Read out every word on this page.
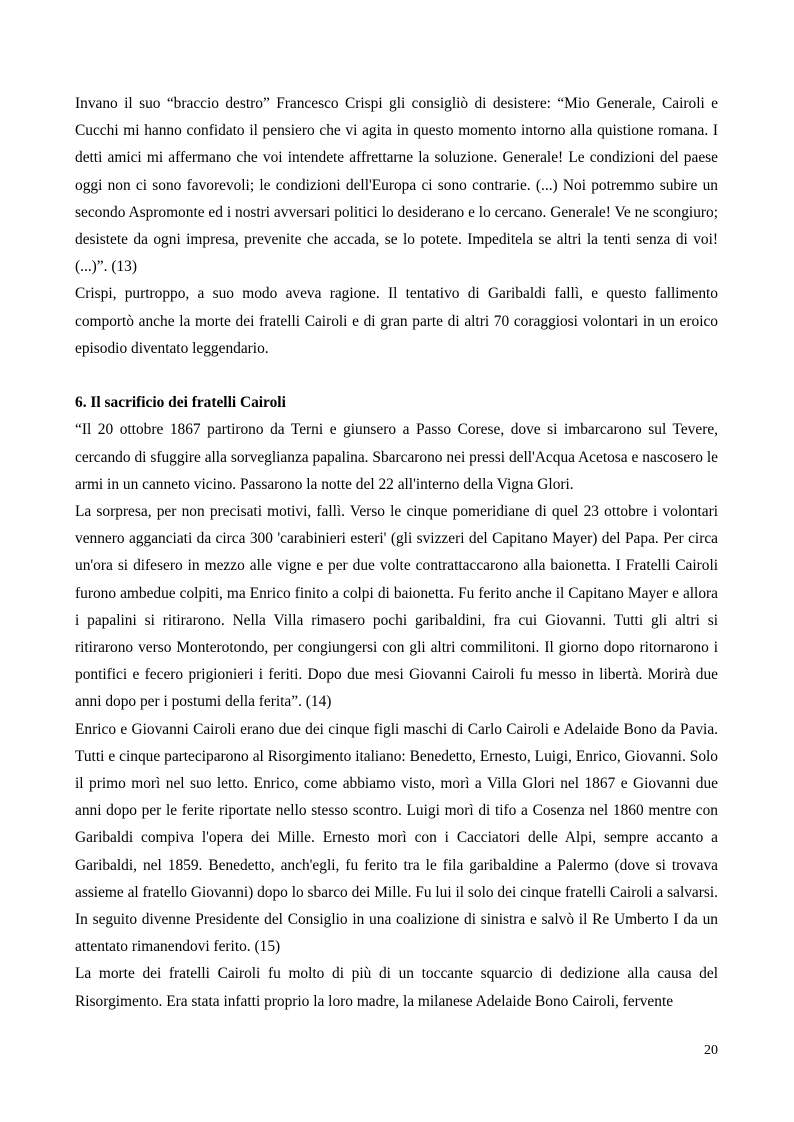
Invano il suo “braccio destro” Francesco Crispi gli consigliò di desistere: “Mio Generale, Cairoli e Cucchi mi hanno confidato il pensiero che vi agita in questo momento intorno alla quistione romana. I detti amici mi affermano che voi intendete affrettarne la soluzione. Generale! Le condizioni del paese oggi non ci sono favorevoli; le condizioni dell'Europa ci sono contrarie. (...) Noi potremmo subire un secondo Aspromonte ed i nostri avversari politici lo desiderano e lo cercano. Generale! Ve ne scongiuro; desistete da ogni impresa, prevenite che accada, se lo potete. Impeditela se altri la tenti senza di voi! (...)”. (13)

Crispi, purtroppo, a suo modo aveva ragione. Il tentativo di Garibaldi fallì, e questo fallimento comportò anche la morte dei fratelli Cairoli e di gran parte di altri 70 coraggiosi volontari in un eroico episodio diventato leggendario.

6. Il sacrificio dei fratelli Cairoli

“Il 20 ottobre 1867 partirono da Terni e giunsero a Passo Corese, dove si imbarcarono sul Tevere, cercando di sfuggire alla sorveglianza papalina. Sbarcarono nei pressi dell'Acqua Acetosa e nascosero le armi in un canneto vicino. Passarono la notte del 22 all'interno della Vigna Glori.

La sorpresa, per non precisati motivi, fallì. Verso le cinque pomeridiane di quel 23 ottobre i volontari vennero agganciati da circa 300 'carabinieri esteri' (gli svizzeri del Capitano Mayer) del Papa. Per circa un'ora si difesero in mezzo alle vigne e per due volte contrattaccarono alla baionetta. I Fratelli Cairoli furono ambedue colpiti, ma Enrico finito a colpi di baionetta. Fu ferito anche il Capitano Mayer e allora i papalini si ritirarono. Nella Villa rimasero pochi garibaldini, fra cui Giovanni. Tutti gli altri si ritirarono verso Monterotondo, per congiungersi con gli altri commilitoni. Il giorno dopo ritornarono i pontifici e fecero prigionieri i feriti. Dopo due mesi Giovanni Cairoli fu messo in libertà. Morirà due anni dopo per i postumi della ferita”. (14)

Enrico e Giovanni Cairoli erano due dei cinque figli maschi di Carlo Cairoli e Adelaide Bono da Pavia. Tutti e cinque parteciparono al Risorgimento italiano: Benedetto, Ernesto, Luigi, Enrico, Giovanni. Solo il primo morì nel suo letto. Enrico, come abbiamo visto, morì a Villa Glori nel 1867 e Giovanni due anni dopo per le ferite riportate nello stesso scontro. Luigi morì di tifo a Cosenza nel 1860 mentre con Garibaldi compiva l'opera dei Mille. Ernesto morì con i Cacciatori delle Alpi, sempre accanto a Garibaldi, nel 1859. Benedetto, anch'egli, fu ferito tra le fila garibaldine a Palermo (dove si trovava assieme al fratello Giovanni) dopo lo sbarco dei Mille. Fu lui il solo dei cinque fratelli Cairoli a salvarsi. In seguito divenne Presidente del Consiglio in una coalizione di sinistra e salvò il Re Umberto I da un attentato rimanendovi ferito. (15)

La morte dei fratelli Cairoli fu molto di più di un toccante squarcio di dedizione alla causa del Risorgimento. Era stata infatti proprio la loro madre, la milanese Adelaide Bono Cairoli, fervente

20
